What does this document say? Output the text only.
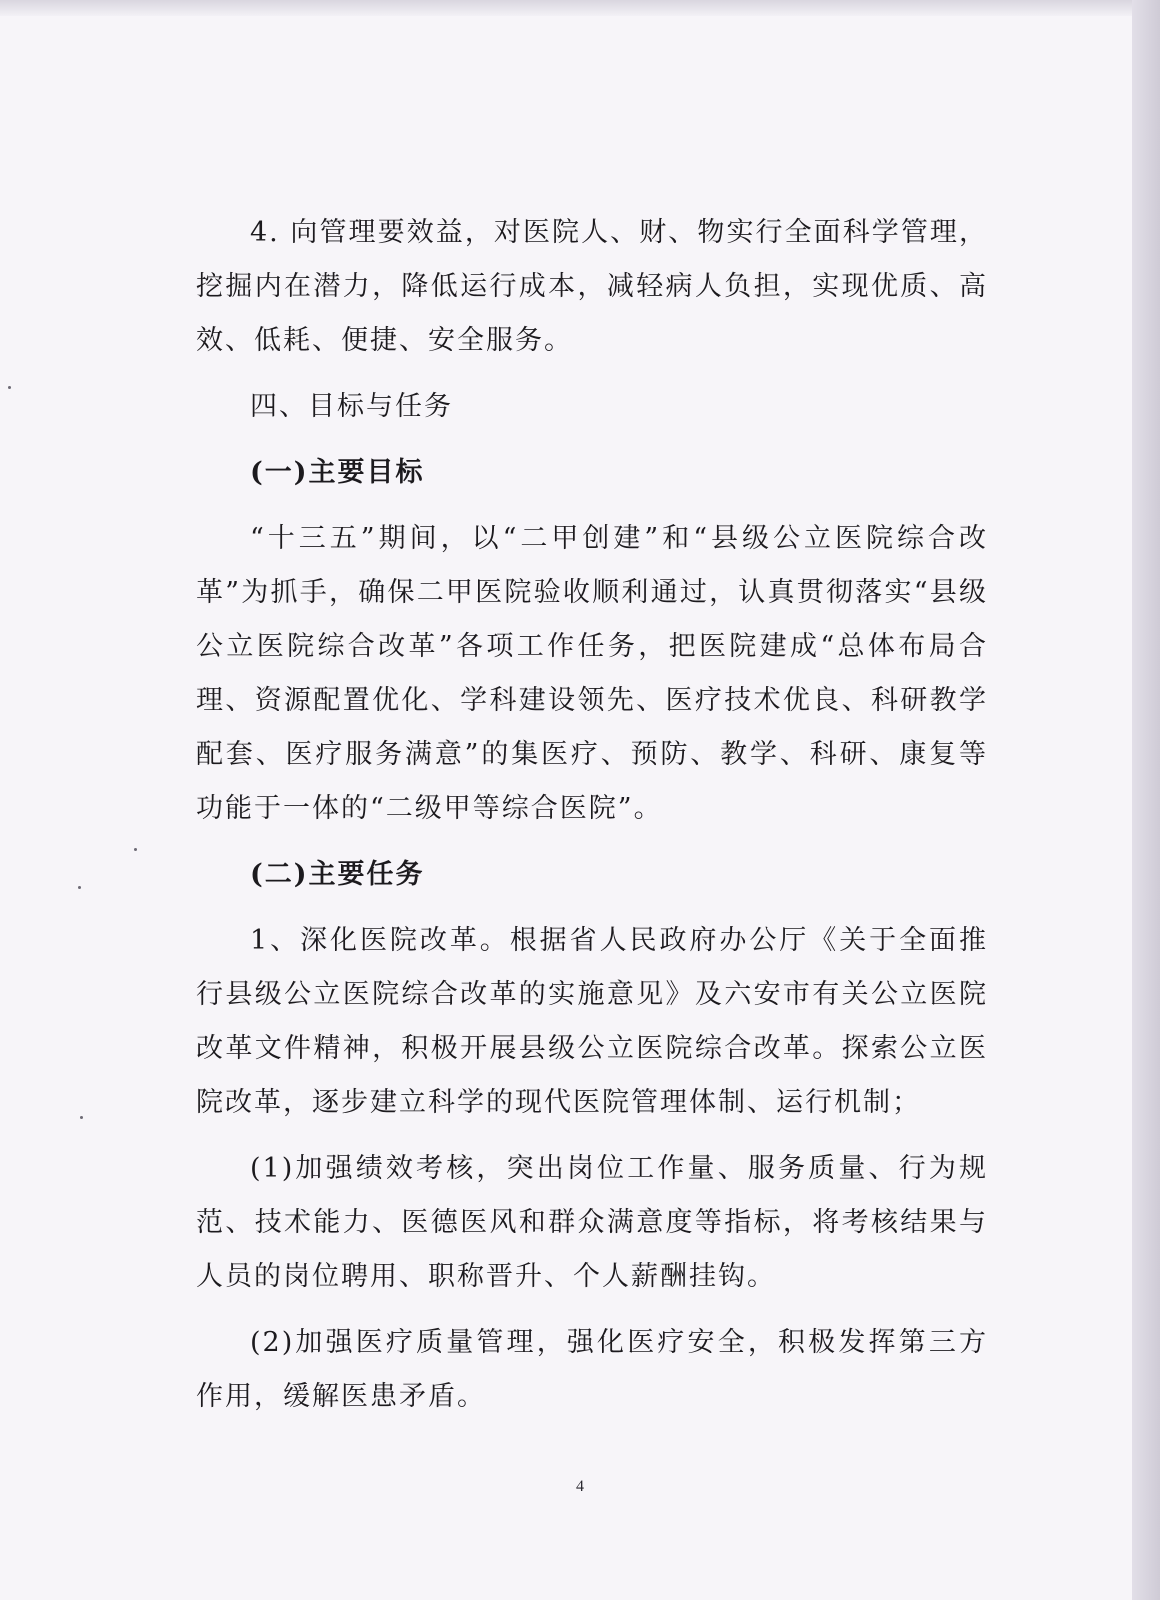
4. 向管理要效益，对医院人、财、物实行全面科学管理，挖掘内在潜力，降低运行成本，减轻病人负担，实现优质、高效、低耗、便捷、安全服务。

四、目标与任务

(一)主要目标

“十三五”期间，以“二甲创建”和“县级公立医院综合改革”为抓手，确保二甲医院验收顺利通过，认真贯彻落实“县级公立医院综合改革”各项工作任务，把医院建成“总体布局合理、资源配置优化、学科建设领先、医疗技术优良、科研教学配套、医疗服务满意”的集医疗、预防、教学、科研、康复等功能于一体的“二级甲等综合医院”。

(二)主要任务

1、深化医院改革。根据省人民政府办公厅《关于全面推行县级公立医院综合改革的实施意见》及六安市有关公立医院改革文件精神，积极开展县级公立医院综合改革。探索公立医院改革，逐步建立科学的现代医院管理体制、运行机制；

(1)加强绩效考核，突出岗位工作量、服务质量、行为规范、技术能力、医德医风和群众满意度等指标，将考核结果与人员的岗位聘用、职称晋升、个人薪酬挂钩。

(2)加强医疗质量管理，强化医疗安全，积极发挥第三方作用，缓解医患矛盾。

4
